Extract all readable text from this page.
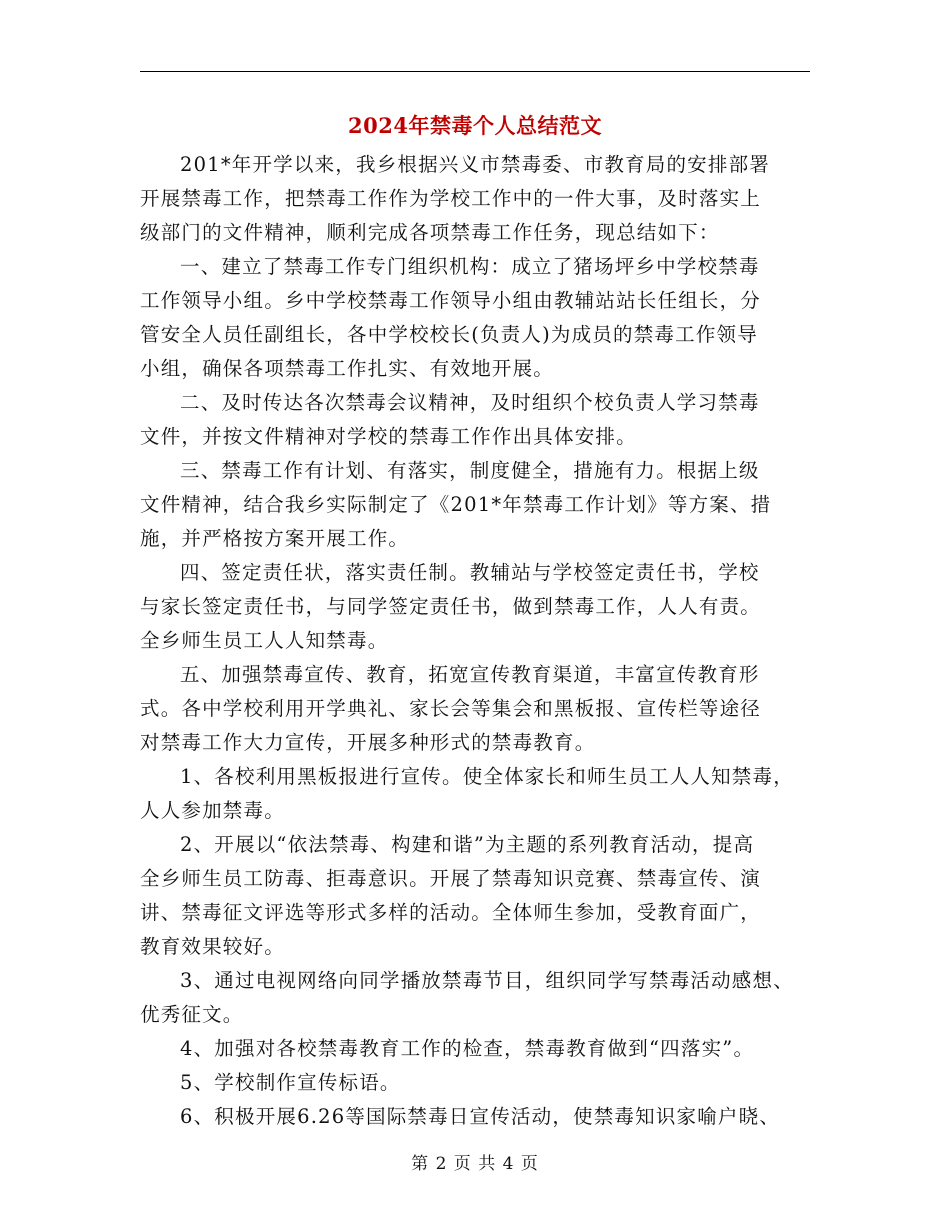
2024年禁毒个人总结范文
201*年开学以来，我乡根据兴义市禁毒委、市教育局的安排部署
开展禁毒工作，把禁毒工作作为学校工作中的一件大事，及时落实上
级部门的文件精神，顺利完成各项禁毒工作任务，现总结如下：
一、建立了禁毒工作专门组织机构：成立了猪场坪乡中学校禁毒
工作领导小组。乡中学校禁毒工作领导小组由教辅站站长任组长，分
管安全人员任副组长，各中学校校长(负责人)为成员的禁毒工作领导
小组，确保各项禁毒工作扎实、有效地开展。
二、及时传达各次禁毒会议精神，及时组织个校负责人学习禁毒
文件，并按文件精神对学校的禁毒工作作出具体安排。
三、禁毒工作有计划、有落实，制度健全，措施有力。根据上级
文件精神，结合我乡实际制定了《201*年禁毒工作计划》等方案、措
施，并严格按方案开展工作。
四、签定责任状，落实责任制。教辅站与学校签定责任书，学校
与家长签定责任书，与同学签定责任书，做到禁毒工作，人人有责。
全乡师生员工人人知禁毒。
五、加强禁毒宣传、教育，拓宽宣传教育渠道，丰富宣传教育形
式。各中学校利用开学典礼、家长会等集会和黑板报、宣传栏等途径
对禁毒工作大力宣传，开展多种形式的禁毒教育。
1、各校利用黑板报进行宣传。使全体家长和师生员工人人知禁毒，
人人参加禁毒。
2、开展以“依法禁毒、构建和谐”为主题的系列教育活动，提高
全乡师生员工防毒、拒毒意识。开展了禁毒知识竞赛、禁毒宣传、演
讲、禁毒征文评选等形式多样的活动。全体师生参加，受教育面广，
教育效果较好。
3、通过电视网络向同学播放禁毒节目，组织同学写禁毒活动感想、
优秀征文。
4、加强对各校禁毒教育工作的检查，禁毒教育做到“四落实”。
5、学校制作宣传标语。
6、积极开展6.26等国际禁毒日宣传活动，使禁毒知识家喻户晓、
第 2 页 共 4 页
